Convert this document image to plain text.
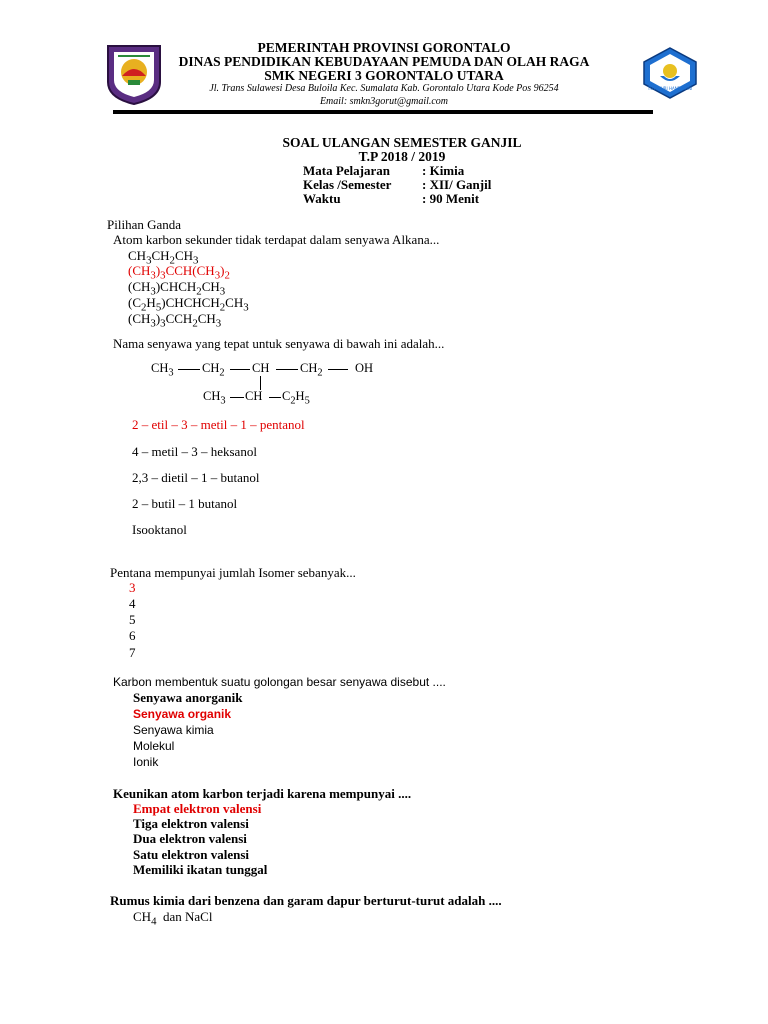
PEMERINTAH PROVINSI GORONTALO
DINAS PENDIDIKAN KEBUDAYAAN PEMUDA DAN OLAH RAGA
SMK NEGERI 3 GORONTALO UTARA
Jl. Trans Sulawesi Desa Buloila Kec. Sumalata Kab. Gorontalo Utara Kode Pos 96254
Email: smkn3gorut@gmail.com
TUT WURI HANDAYANI
SOAL ULANGAN SEMESTER GANJIL
T.P 2018 / 2019
Mata Pelajaran : Kimia
Kelas /Semester : XII/ Ganjil
Waktu	: 90 Menit
Pilihan Ganda
Atom karbon sekunder tidak terdapat dalam senyawa Alkana...
$CH_3CH_2CH_3$
$(CH_3)_3CCH(CH_3)_2$
$(CH_3)CHCH_2CH_3$
$(C_2H_5)CHCHCH_2CH_3$
$(CH_3)_3CCH_2CH_3$
Nama senyawa yang tepat untuk senyawa di bawah ini adalah...
$CH_3$ $CH_2$ CH $CH_2$	OH
$CH_3$ CH $C_2H_5$
2 – etil – 3 – metil – 1 – pentanol
4 – metil – 3 – heksanol
2,3 – dietil – 1 – butanol
2 – butil – 1 butanol
Isooktanol
Pentana mempunyai jumlah Isomer sebanyak...
3
4
5
6
7
Karbon membentuk suatu golongan besar senyawa disebut ....
Senyawa anorganik
Senyawa organik
Senyawa kimia
Molekul
Ionik
Keunikan atom karbon terjadi karena mempunyai ....
Empat elektron valensi
Tiga elektron valensi
Dua elektron valensi
Satu elektron valensi
Memiliki ikatan tunggal
Rumus kimia dari benzena dan garam dapur berturut-turut adalah ....
$CH_4$  dan NaCl
